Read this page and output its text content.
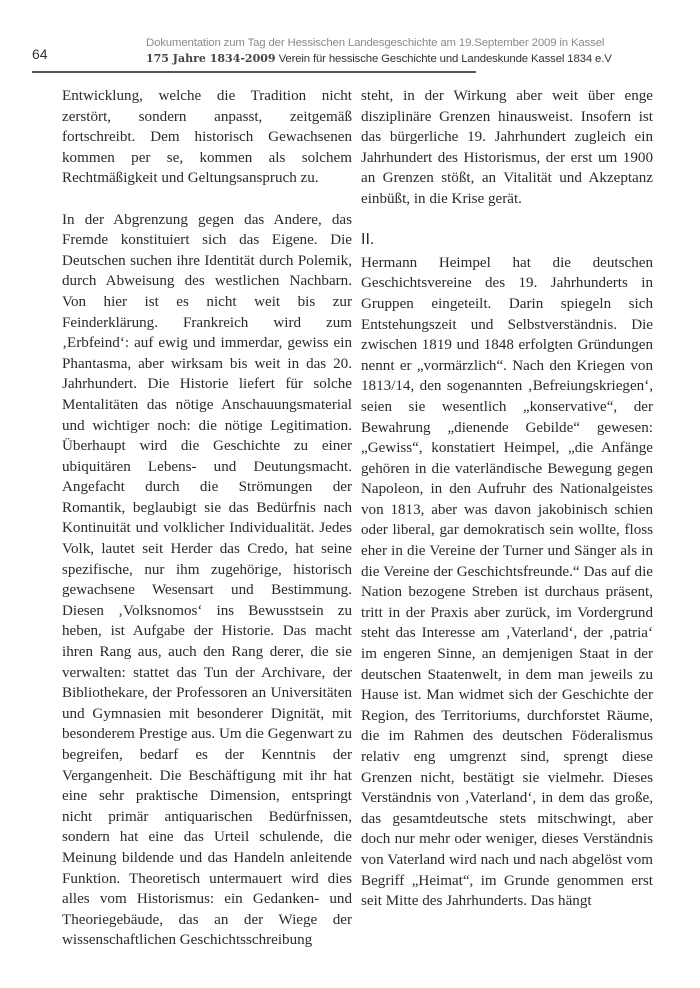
64
Dokumentation zum Tag der Hessischen Landesgeschichte am 19.September 2009 in Kassel
175 Jahre 1834-2009 Verein für hessische Geschichte und Landeskunde Kassel 1834 e.V

Entwicklung, welche die Tradition nicht zerstört, sondern anpasst, zeitgemäß fortschreibt. Dem historisch Gewachsenen kommen per se, kommen als solchem Rechtmäßigkeit und Geltungsanspruch zu.

In der Abgrenzung gegen das Andere, das Fremde konstituiert sich das Eigene. Die Deutschen suchen ihre Identität durch Polemik, durch Abweisung des westlichen Nachbarn. Von hier ist es nicht weit bis zur Feinderklärung. Frankreich wird zum ‚Erbfeind‘: auf ewig und immerdar, gewiss ein Phantasma, aber wirksam bis weit in das 20. Jahrhundert. Die Historie liefert für solche Mentalitäten das nötige Anschauungsmaterial und wichtiger noch: die nötige Legitimation. Überhaupt wird die Geschichte zu einer ubiquitären Lebens- und Deutungsmacht. Angefacht durch die Strömungen der Romantik, beglaubigt sie das Bedürfnis nach Kontinuität und volklicher Individualität. Jedes Volk, lautet seit Herder das Credo, hat seine spezifische, nur ihm zugehörige, historisch gewachsene Wesensart und Bestimmung. Diesen ‚Volksnomos‘ ins Bewusstsein zu heben, ist Aufgabe der Historie. Das macht ihren Rang aus, auch den Rang derer, die sie verwalten: stattet das Tun der Archivare, der Bibliothekare, der Professoren an Universitäten und Gymnasien mit besonderer Dignität, mit besonderem Prestige aus. Um die Gegenwart zu begreifen, bedarf es der Kenntnis der Vergangenheit. Die Beschäftigung mit ihr hat eine sehr praktische Dimension, entspringt nicht primär antiquarischen Bedürfnissen, sondern hat eine das Urteil schulende, die Meinung bildende und das Handeln anleitende Funktion. Theoretisch untermauert wird dies alles vom Historismus: ein Gedanken- und Theoriegebäude, das an der Wiege der wissenschaftlichen Geschichtsschreibung

steht, in der Wirkung aber weit über enge disziplinäre Grenzen hinausweist. Insofern ist das bürgerliche 19. Jahrhundert zugleich ein Jahrhundert des Historismus, der erst um 1900 an Grenzen stößt, an Vitalität und Akzeptanz einbüßt, in die Krise gerät.

II.

Hermann Heimpel hat die deutschen Geschichtsvereine des 19. Jahrhunderts in Gruppen eingeteilt. Darin spiegeln sich Entstehungszeit und Selbstverständnis. Die zwischen 1819 und 1848 erfolgten Gründungen nennt er „vormärzlich“. Nach den Kriegen von 1813/14, den sogenannten ‚Befreiungskriegen‘, seien sie wesentlich „konservative“, der Bewahrung „dienende Gebilde“ gewesen: „Gewiss“, konstatiert Heimpel, „die Anfänge gehören in die vaterländische Bewegung gegen Napoleon, in den Aufruhr des Nationalgeistes von 1813, aber was davon jakobinisch schien oder liberal, gar demokratisch sein wollte, floss eher in die Vereine der Turner und Sänger als in die Vereine der Geschichtsfreunde.“ Das auf die Nation bezogene Streben ist durchaus präsent, tritt in der Praxis aber zurück, im Vordergrund steht das Interesse am ‚Vaterland‘, der ‚patria‘ im engeren Sinne, an demjenigen Staat in der deutschen Staatenwelt, in dem man jeweils zu Hause ist. Man widmet sich der Geschichte der Region, des Territoriums, durchforstet Räume, die im Rahmen des deutschen Föderalismus relativ eng umgrenzt sind, sprengt diese Grenzen nicht, bestätigt sie vielmehr. Dieses Verständnis von ‚Vaterland‘, in dem das große, das gesamtdeutsche stets mitschwingt, aber doch nur mehr oder weniger, dieses Verständnis von Vaterland wird nach und nach abgelöst vom Begriff „Heimat“, im Grunde genommen erst seit Mitte des Jahrhunderts. Das hängt
